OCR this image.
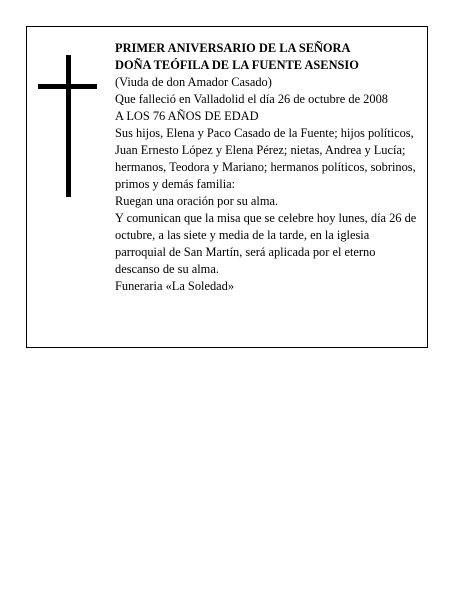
PRIMER ANIVERSARIO DE LA SEÑORA

DOÑA TEÓFILA DE LA FUENTE ASENSIO

(Viuda de don Amador Casado)

Que falleció en Valladolid el día 26 de octubre de 2008

A LOS 76 AÑOS DE EDAD

Sus hijos, Elena y Paco Casado de la Fuente; hijos políticos, Juan Ernesto López y Elena Pérez; nietas, Andrea y Lucía; hermanos, Teodora y Mariano; hermanos políticos, sobrinos, primos y demás familia:

Ruegan una oración por su alma.

Y comunican que la misa que se celebre hoy lunes, día 26 de octubre, a las siete y media de la tarde, en la iglesia parroquial de San Martín, será aplicada por el eterno descanso de su alma.

Funeraria «La Soledad»
